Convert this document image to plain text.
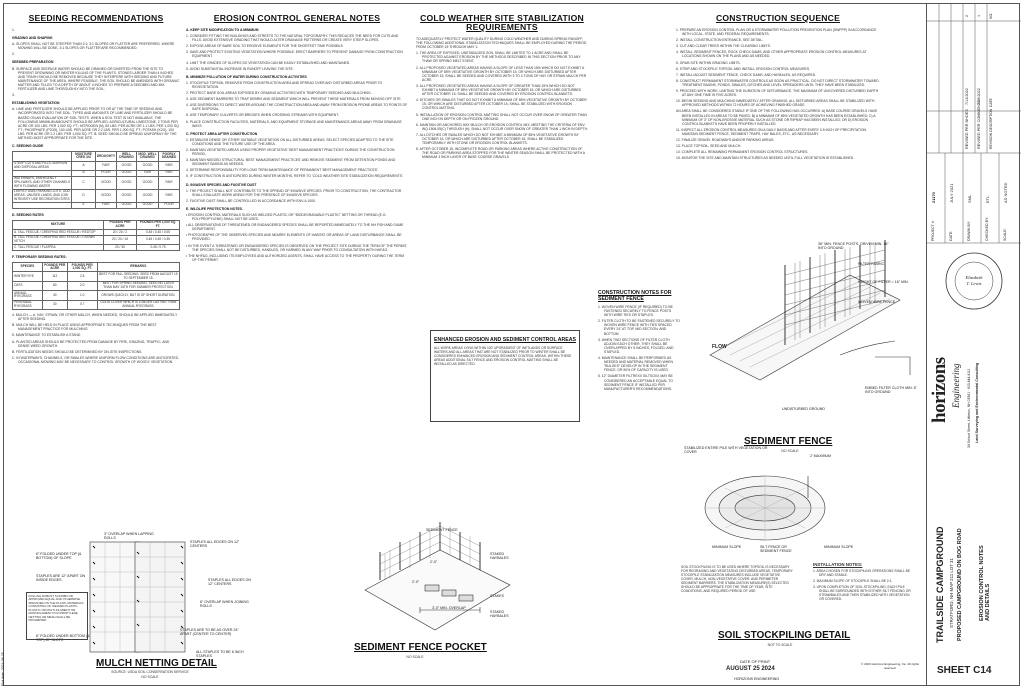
Plot date: 2024-08-25
SEEDING RECOMMENDATIONS
1.
GRADING AND SHAPING
A. SLOPES SHALL NOT BE STEEPER THAN 2:1; 3:1 SLOPES OR FLATTER ARE PREFERRED. WHERE MOWING WILL BE DONE, 3:1 SLOPES OR FLATTER ARE RECOMMENDED.
2.
SEEDBED PREPARATION
B. SURFACE AND SEEPAGE WATER SHOULD BE DRAINED OR DIVERTED FROM THE SITE TO PREVENT DROWNING OR WINTER KILLING OF THE PLANTS. STONES LARGER THAN 4 INCHES AND TRASH SHOULD BE REMOVED BECAUSE THEY INTERFERE WITH SEEDING AND FUTURE MAINTENANCE OF THE AREA. WHERE FEASIBLE, THE SOIL SHOULD BE AMENDED WITH ORGANIC MATTER AND TILLED TO A DEPTH OF ABOUT 4 INCHES TO PREPARE A SEEDBED AND MIX FERTILIZER AND LIME THOROUGHLY INTO THE SOIL.
3.
ESTABLISHING VEGETATION
A. LIME AND FERTILIZER SHOULD BE APPLIED PRIOR TO OR AT THE TIME OF SEEDING AND INCORPORATED INTO THE SOIL. TYPES AND AMOUNTS OF LIME AND FERTILIZER SHOULD BE BASED ON AN EVALUATION OF SOIL TESTS. WHEN A SOIL TEST IS NOT AVAILABLE, THE FOLLOWING MINIMUM AMOUNTS SHOULD BE APPLIED: AGRICULTURAL LIMESTONE, 2 TONS PER ACRE OR 100 LBS. PER 1,000 SQ. FT.; NITROGEN (N), 50 LBS. PER ACRE OR 1.1 LBS. PER 1,000 SQ. FT.; PHOSPHATE (P2O5), 100 LBS. PER ACRE OR 2.2 LBS. PER 1,000 SQ. FT.; POTASH (K2O), 100 LBS. PER ACRE OR 2.2 LBS. PER 1,000 SQ. FT. B. SEED SHOULD BE SPREAD UNIFORMLY BY THE METHOD MOST APPROPRIATE FOR THE SITE.
C. SEEDING GUIDE
	MOISTURE CRED 3/U	DROUGHTY	WELL DRAINED	MOD. WELL DRAINED	POORLY DRAINED
STEEP CUTS AND FILLS, BORROW AND DISPOSAL AREAS	A	FAIR	GOOD	GOOD	FAIR
	B	POOR	GOOD	FAIR	FAIR
WATERWAYS, EMERGENCY SPILLWAYS, AND OTHER CHANNELS WITH FLOWING WATER	C	GOOD	GOOD	GOOD	FAIR
LIGHTLY USED PARKING LOTS, ODD AREAS, UNUSED LANDS, AND LOW INTENSITY USE RECREATION SITES	D	GOOD	GOOD	GOOD	FAIR
	E	FAIR	GOOD	GOOD	POOR
D. SEEDING RATES
MIXTURE	POUNDS PER ACRE	POUNDS PER 1,000 SQ. FT.
A. TALL FESCUE / CREEPING RED FESCUE / REDTOP	20 / 20 / 2	0.45 / 0.45 / 0.05
B. TALL FESCUE / CREEPING RED FESCUE / CROWN VETCH	20 / 20 / 15	0.45 / 0.45 / 0.35
C. TALL FESCUE / FLATPEA	20 / 30	0.45 / 0.75
F. TEMPORARY SEEDING RATES:
SPECIES	POUNDS PER ACRE	POUNDS PER 1,000 SQ. FT.	REMARKS
WINTER RYE	112	2.5	BEST FOR FALL SEEDING. SEED FROM AUGUST 15 TO SEPTEMBER 15.
OATS	80	2.0	BEST FOR SPRING SEEDING. SEED NO LATER THAN MAY 15TH FOR SUMMER PROTECTION.
ANNUAL RYEGRASS	40	1.0	GROWS QUICKLY, BUT IS OF SHORT DURATION.
PERENNIAL RYEGRASS	30	0.7	GOOD COVER WHICH IS LONGER LASTING THAN ANNUAL RYEGRASS.
4. MULCH — A. HAY, STRAW, OR OTHER MULCH, WHEN NEEDED, SHOULD BE APPLIED IMMEDIATELY AFTER SEEDING.
B. MULCH WILL BE HELD IN PLACE USING APPROPRIATE TECHNIQUES FROM THE BEST MANAGEMENT PRACTICE FOR MULCHING.
5. MAINTENANCE TO ESTABLISH A STAND
A. PLANTED AREAS SHOULD BE PROTECTED FROM DAMAGE BY FIRE, GRAZING, TRAFFIC, AND DENSE WEED GROWTH.
B. FERTILIZATION NEEDS SHOULD BE DETERMINED BY ON-SITE INSPECTIONS.
C. IN WATERWAYS, CHANNELS, OR SWALES WHERE UNIFORM FLOW CONDITIONS ARE ANTICIPATED, OCCASIONAL MOWING MAY BE NECESSARY TO CONTROL GROWTH OF WOODY VEGETATION.
EROSION CONTROL GENERAL NOTES
A. KEEP SITE MODIFICATION TO A MINIMUM
1. CONSIDER FITTING THE BUILDINGS AND STREETS TO THE NATURAL TOPOGRAPHY. THIS REDUCES THE NEED FOR CUTS AND FILLS. AVOID EXTENSIVE GRADING THAT WOULD ALTER DRAINAGE PATTERNS OR CREATE VERY STEEP SLOPES.
2. EXPOSE AREAS OF BARE SOIL TO EROSIVE ELEMENTS FOR THE SHORTEST TIME POSSIBLE.
3. SAVE AND PROTECT EXISTING VEGETATION WHERE POSSIBLE. ERECT BARRIERS TO PREVENT DAMAGE FROM CONSTRUCTION EQUIPMENT.
4. LIMIT THE GRADES OF SLOPES SO VEGETATION CAN BE EASILY ESTABLISHED AND MAINTAINED.
5. AVOID SUBSTANTIAL INCREASE IN RUNOFF LEAVING THE SITE.
B. MINIMIZE POLLUTION OF WATER DURING CONSTRUCTION ACTIVITIES
1. STOCKPILE TOPSOIL REMOVED FROM CONSTRUCTION AREA AND SPREAD OVER ANY DISTURBED AREAS PRIOR TO REVEGETATION.
2. PROTECT BARE SOIL AREAS EXPOSED BY GRADING ACTIVITIES WITH TEMPORARY SEEDING AND MULCHING.
3. USE SEDIMENT BARRIERS TO TRAP DEBRIS AND SEDIMENT WHICH WILL PREVENT THESE MATERIALS FROM MOVING OFF SITE.
4. USE DIVERSIONS TO DIRECT WATER AROUND THE CONSTRUCTION AREA AND AWAY FROM EROSION PRONE AREAS TO POINTS OF SAFE DISPOSAL.
5. USE TEMPORARY CULVERTS OR BRIDGES WHEN CROSSING STREAMS WITH EQUIPMENT.
6. PLACE CONSTRUCTION FACILITIES, MATERIALS, AND EQUIPMENT STORAGE AND MAINTENANCE AREAS AWAY FROM DRAINAGE WAYS.
C. PROTECT AREA AFTER CONSTRUCTION
1. ESTABLISH DENSE OR OTHER SUITABLE VEGETATION ON ALL DISTURBED AREAS. SELECT SPECIES ADAPTED TO THE SITE CONDITIONS AND THE FUTURE USE OF THE AREA.
2. MAINTAIN VEGETATED AREAS USING PROPER VEGETATIVE 'BEST MANAGEMENT PRACTICES' DURING THE CONSTRUCTION PERIOD.
3. MAINTAIN NEEDED STRUCTURAL 'BEST MANAGEMENT PRACTICES' AND REMOVE SEDIMENT FROM DETENTION PONDS AND SEDIMENT BASINS AS NEEDED.
4. DETERMINE RESPONSIBILITY FOR LONG TERM MAINTENANCE OF PERMANENT 'BEST MANAGEMENT PRACTICES'.
5. IF CONSTRUCTION IS ANTICIPATED DURING WINTER MONTHS, REFER TO 'COLD WEATHER SITE STABILIZATION REQUIREMENTS'.
D. INVASIVE SPECIES AND FUGITIVE DUST
1. THE PROJECT SHALL NOT CONTRIBUTE TO THE SPREAD OF INVASIVE SPECIES. PRIOR TO CONSTRUCTION, THE CONTRACTOR SHALL EVALUATE WORK AREAS FOR THE PRESENCE OF INVASIVE SPECIES.
2. FUGITIVE DUST SHALL BE CONTROLLED IN ACCORDANCE WITH ENV-A 1000.
E. WILDLIFE PROTECTION NOTES.
• EROSION CONTROL MATERIALS SUCH AS WELDED PLASTIC OR "BIODEGRADABLE PLASTIC" NETTING OR THREAD (E.G. POLYPROPYLENE) SHALL NOT BE USED.
• ALL OBSERVATIONS OF THREATENED OR ENDANGERED SPECIES SHALL BE REPORTED IMMEDIATELY TO THE NH FISH AND GAME DEPARTMENT.
• PHOTOGRAPHS OF THE OBSERVED SPECIES AND NEARBY ELEMENTS OF HABITAT OR AREAS OF LAND DISTURBANCE SHALL BE PROVIDED.
• IN THE EVENT A THREATENED OR ENDANGERED SPECIES IS OBSERVED ON THE PROJECT SITE DURING THE TERM OF THE PERMIT, THE SPECIES SHALL NOT BE DISTURBED, HANDLED, OR HARMED IN ANY WAY PRIOR TO CONSULTATION WITH NHF&G.
• THE NHF&G, INCLUDING ITS EMPLOYEES AND AUTHORIZED AGENTS, SHALL HAVE ACCESS TO THE PROPERTY DURING THE TERM OF THE PERMIT.
COLD WEATHER SITE STABILIZATION REQUIREMENTS
TO ADEQUATELY PROTECT WATER QUALITY DURING COLD WEATHER AND DURING SPRING RUNOFF, THE FOLLOWING ADDITIONAL STABILIZATION TECHNIQUES SHALL BE EMPLOYED DURING THE PERIOD FROM OCTOBER 15 THROUGH MAY 1:
1. THE AREA OF EXPOSED, UNSTABILIZED SOIL SHALL BE LIMITED TO 1 ACRE AND SHALL BE PROTECTED AGAINST EROSION BY THE METHODS DESCRIBED IN THIS SECTION PRIOR TO ANY THAW OR SPRING MELT EVENT.
2. ALL PROPOSED VEGETATED AREAS HAVING A SLOPE OF LESS THAN 15% WHICH DO NOT EXHIBIT A MINIMUM OF 85% VEGETATIVE GROWTH BY OCTOBER 15, OR WHICH ARE DISTURBED AFTER OCTOBER 15, SHALL BE SEEDED AND COVERED WITH 3 TO 4 TONS OF HAY OR STRAW MULCH PER ACRE.
3. ALL PROPOSED VEGETATED AREAS HAVING A SLOPE OF GREATER THAN 15% WHICH DO NOT EXHIBIT A MINIMUM OF 85% VEGETATIVE GROWTH BY OCTOBER 15, OR WHICH ARE DISTURBED AFTER OCTOBER 15, SHALL BE SEEDED AND COVERED BY EROSION CONTROL BLANKETS.
4. DITCHES OR SWALES THAT DO NOT EXHIBIT A MINIMUM OF 85% VEGETATIVE GROWTH BY OCTOBER 15, OR WHICH ARE DISTURBED AFTER OCTOBER 15, SHALL BE STABILIZED WITH EROSION CONTROL MATTING.
5. INSTALLATION OF EROSION CONTROL MATTING SHALL NOT OCCUR OVER SNOW OF GREATER THAN ONE INCH IN DEPTH OR ON FROZEN GROUND.
6. MAINTAIN OR ANCHORED HAY MULCH OR EROSION CONTROL MIX, MEETING THE CRITERIA OF ENV-WQ 1506.05(C) THROUGH (H), SHALL NOT OCCUR OVER SNOW OF GREATER THAN 1 INCH IN DEPTH.
7. ALL DITCHES OR SWALES WHICH DO NOT EXHIBIT A MINIMUM OF 85% VEGETATIVE GROWTH BY OCTOBER 15, OR WHICH ARE DISTURBED AFTER OCTOBER 15, SHALL BE STABILIZED TEMPORARILY WITH STONE OR EROSION CONTROL BLANKETS.
8. AFTER OCTOBER 15, INCOMPLETE ROAD OR PARKING AREAS WHERE ACTIVE CONSTRUCTION OF THE ROAD OR PARKING AREA STOPPED FOR THE WINTER SEASON SHALL BE PROTECTED WITH A MINIMUM 3 INCH LAYER OF BASE COURSE GRAVELS.
ENHANCED EROSION AND SEDIMENT CONTROL AREAS
ALL WORK AREAS LYING WITHIN 100' UPGRADIENT OF WETLANDS OR SURFACE WATERS AND ALL AREAS THAT ARE NOT STABILIZED PRIOR TO WINTER SHALL BE CONSIDERED ENHANCED EROSION AND SEDIMENT CONTROL AREAS. WITHIN THESE AREAS ADDITIONAL SILT FENCE AND EROSION CONTROL MATTING SHALL BE INSTALLED AS DIRECTED.
CONSTRUCTION SEQUENCE
1. PREPARE AN EROSION CONTROL PLAN OR A STORMWATER POLLUTION PREVENTION PLAN (SWPPP) IN ACCORDANCE WITH LOCAL, STATE, AND FEDERAL REQUIREMENTS.
2. INSTALL CONSTRUCTION ENTRANCE, SEE DETAIL.
3. CUT AND CLEAR TREES WITHIN THE CLEARING LIMITS.
4. INSTALL SEDIMENT FENCES, ROCK CHECK DAMS, AND OTHER APPROPRIATE EROSION CONTROL MEASURES AT LOCATIONS SHOWN ON THE PLANS AND AS NEEDED.
5. GRUB SITE WITHIN GRADING LIMITS.
6. STRIP AND STOCKPILE TOPSOIL AND INSTALL EROSION CONTROL MEASURES.
7. INSTALL/ADJUST SEDIMENT FENCE, CHECK DAMS, AND HAYBALES, AS REQUIRED.
8. CONSTRUCT PERMANENT STORMWATER CONTROLS AS SOON AS PRACTICAL. DO NOT DIRECT STORMWATER TOWARD TREATMENT BASINS, PONDS, SWALES, DITCHES AND LEVEL SPREADERS UNTIL THEY HAVE BEEN STABILIZED.
9. PROCEED WITH WORK, LIMITING THE DURATION OF DISTURBANCE. THE MAXIMUM OF UNCOVERED DISTURBED EARTH AT ANY ONE TIME IS FIVE ACRES.
10. BEGIN SEEDING AND MULCHING IMMEDIATELY AFTER GRADING. ALL DISTURBED AREAS SHALL BE STABILIZED WITH APPROVED METHODS WITHIN 72 HOURS OF ACHIEVING FINISHED GRADE.
AN AREA SHALL BE CONSIDERED STABLE IF ONE OF THE FOLLOWING HAS OCCURRED: A) BASE COURSE GRAVELS HAVE BEEN INSTALLED IN AREAS TO BE PAVED; B) A MINIMUM OF 85% VEGETATED GROWTH HAS BEEN ESTABLISHED; C) A MINIMUM OF 3" OF NON-EROSIVE MATERIAL SUCH AS STONE OR RIPRAP HAS BEEN INSTALLED; OR D) EROSION CONTROL BLANKETS HAVE BEEN PROPERLY INSTALLED.
11. INSPECT ALL EROSION CONTROL MEASURES ON A DAILY BASIS AND AFTER EVERY 0.5 INCH OF PRECIPITATION. MAINTAIN SEDIMENT FENCE, SEDIMENT TRAPS, HAY BALES, ETC., AS NECESSARY.
12. FINALIZE GRAVEL ROADWAYS AND/OR PARKING AREAS.
13. PLACE TOPSOIL, SEED AND MULCH.
14. COMPLETE ALL REMAINING PERMANENT EROSION CONTROL STRUCTURES.
15. MONITOR THE SITE AND MAINTAIN STRUCTURES AS NEEDED UNTIL FULL VEGETATION IS ESTABLISHED.
CONSTRUCTION NOTES FOR SEDIMENT FENCE
1. WOVEN WIRE FENCE (IF REQUIRED) TO BE FASTENED SECURELY TO FENCE POSTS WITH WIRE TIES OR STAPLES.
2. FILTER CLOTH TO BE FASTENED SECURELY TO WOVEN WIRE FENCE WITH TIES SPACED EVERY 24" AT TOP, MID SECTION, AND BOTTOM.
3. WHEN TWO SECTIONS OF FILTER CLOTH ADJOIN EACH OTHER, THEY SHALL BE OVERLAPPED BY 6 INCHES, FOLDED, AND STAPLED.
4. MAINTENANCE SHALL BE PERFORMED AS NEEDED AND MATERIAL REMOVED WHEN "BULGES" DEVELOP IN THE SEDIMENT FENCE, OR 50% OF CAPACITY IS USED.
5. 12" DIAMETER FILTREXX SILTSOXX MAY BE CONSIDERED AN ACCEPTABLE EQUAL TO SEDIMENT FENCE IF INSTALLED PER MANUFACTURER'S RECOMMENDATIONS.
36" MIN. FENCE POSTS, DRIVEN MIN. 16" INTO GROUND
FILTER FABRIC
HEIGHT OF FILTER = 16" MIN.
WOVEN WIRE FENCE
FLOW
EMBED FILTER CLOTH MIN. 6" INTO GROUND
UNDISTURBED GROUND
SEDIMENT FENCE
NO SCALE
SEDIMENT FENCE
STAKED HAYBALES
2'-0"
2'-0"
3'-0" MIN. OVERLAP
STAKES
STAKED HAYBALES
SEDIMENT FENCE POCKET
NO SCALE
3" OVERLAP WHEN LAPPING ROLLS
STAPLES ALL EDGES ON 12" CENTERS
6" FOLDED UNDER TOP (& BOTTOM) OF SLOPE
STAPLES ARE 12" APART ON INSIDE EDGES	STAPLES ALL EDGES ON 12" CENTERS
6" OVERLAP WHEN JOINING ROLLS
STAPLES ARE TO BE AS OVER 24" APART (CENTER TO CENTER)
6" FOLDED UNDER BOTTOM (& TOP) OF SLOPE
ALL STAPLES TO BE 6 INCH STAPLES
ROLLING ROBUST SC150BN OR APPROVED EQUAL AND OTHERWISE SPECIFIED ON THE PLANS. MATERIALS CONSISTING OF WELDED PLASTIC, PLASTIC OR MULTI-FILAMENT OR MONOFILAMENT POLYPROPYLENE NETTING OR MESH SHALL BE PROHIBITED.
MULCH NETTING DETAIL
SOURCE: USDA SOIL CONSERVATION SERVICE
NO SCALE
STABILIZED ENTIRE PILE WITH VEGETATION OR COVER
2' MAXIMUM
MINIMUM SLOPE	SILT FENCE OR SEDIMENT FENCE
MINIMUM SLOPE
SOIL STOCKPILING IS TO BE USED WHERE TOPSOIL IS NECESSARY FOR REGRADING AND VEGETATING DISTURBED AREAS. TEMPORARY STOCKPILE STABILIZATION MEASURES INCLUDE VEGETATIVE COVER, MULCH, NON-VEGETATIVE COVER, AND PERIMETER SEDIMENT BARRIERS. THE STABILIZATION MEASURE(S) SELECTED SHOULD BE APPROPRIATE FOR THE TIME OF YEAR, SITE CONDITIONS, AND REQUIRED PERIOD OF USE.
INSTALLATION NOTES:
1. AREA CHOSEN FOR STOCKPILING OPERATIONS SHALL BE DRY AND STABLE.
2. MAXIMUM SLOPE OF STOCKPILE SHALL BE 2:1.
3. UPON COMPLETION OF SOIL STOCKPILING, EACH PILE SHALL BE SURROUNDED WITH EITHER SILT FENCING OR STRAWBALES AND THEN STABILIZED WITH VEGETATION OR COVERED.
SOIL STOCKPILING DETAIL
NOT TO SCALE
DATE OF PRINT
AUGUST 25 2024
HORIZONS ENGINEERING
© 2023 Horizons Engineering, Inc. All rights reserved.
NO.
DATE
REVISION DESCRIPTION
1
2/28/2022
REVISED PER COMMENTS
2
7/14/2022
REVISED PER NHDES
PROJECT #:
21170
DATE:
JULY 2021
DRAWN BY:
SML
CHECKED BY:
ETL
SCALE:
AS NOTED
Elizabeth
T. Lewis
horizons Engineering 34 School Street, Littleton, NH 03561 · 603.444.4111 Land Surveying and Environmental Consulting
TRAILSIDE CAMPGROUND STRATFORD, NH MAP 211 LOT 31 PROPOSED CAMPGROUND ON BOG ROAD	EROSION CONTROL NOTES AND DETAILS
SHEET C14
